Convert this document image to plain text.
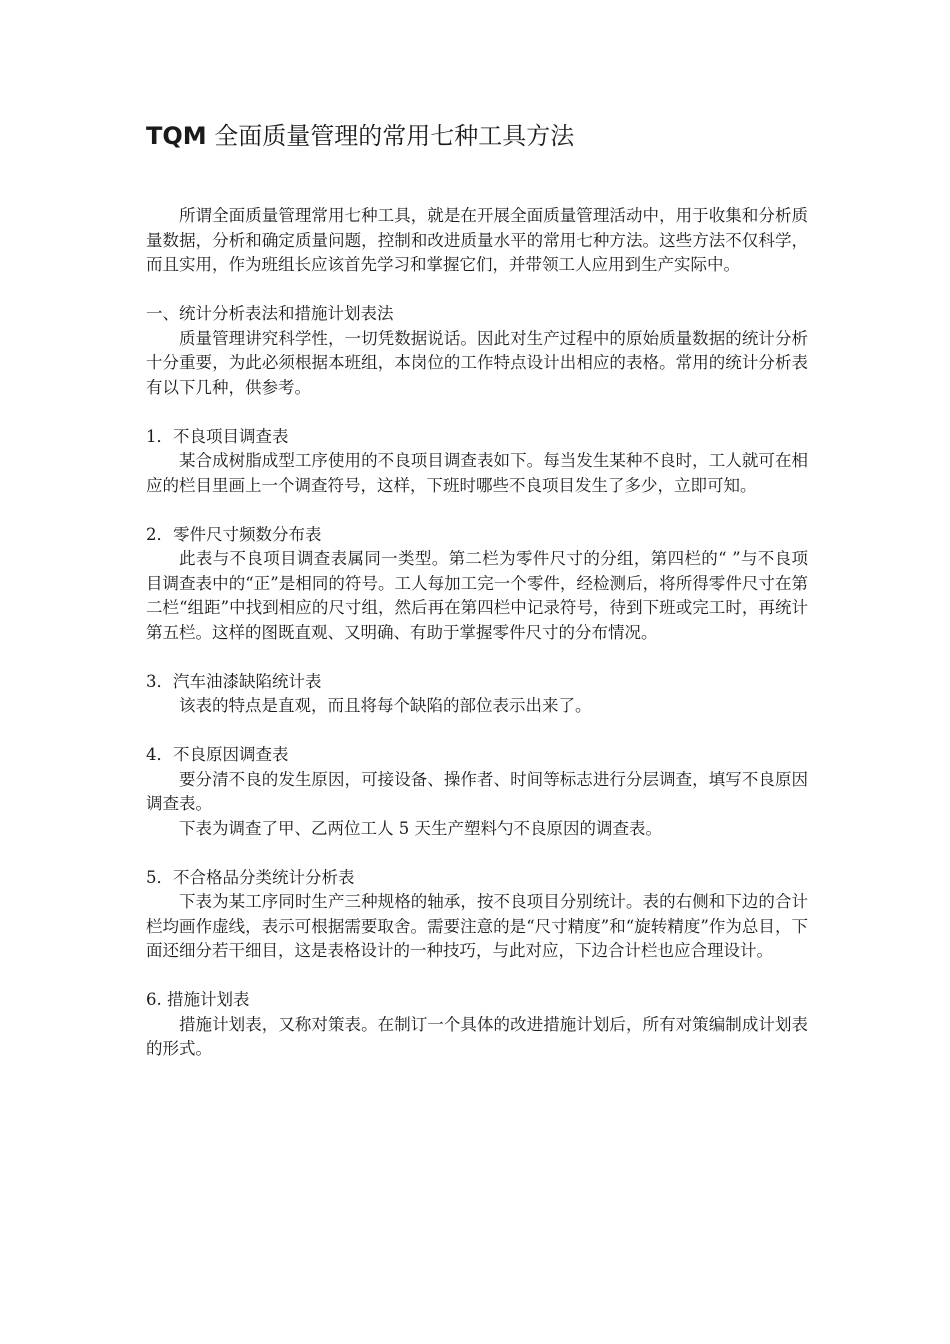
TQM 全面质量管理的常用七种工具方法

所谓全面质量管理常用七种工具，就是在开展全面质量管理活动中，用于收集和分析质量数据，分析和确定质量问题，控制和改进质量水平的常用七种方法。这些方法不仅科学，而且实用，作为班组长应该首先学习和掌握它们，并带领工人应用到生产实际中。

一、统计分析表法和措施计划表法

质量管理讲究科学性，一切凭数据说话。因此对生产过程中的原始质量数据的统计分析十分重要，为此必须根据本班组，本岗位的工作特点设计出相应的表格。常用的统计分析表有以下几种，供参考。

1．不良项目调查表

某合成树脂成型工序使用的不良项目调查表如下。每当发生某种不良时，工人就可在相应的栏目里画上一个调查符号，这样，下班时哪些不良项目发生了多少，立即可知。

2．零件尺寸频数分布表

此表与不良项目调查表属同一类型。第二栏为零件尺寸的分组，第四栏的“ ”与不良项目调查表中的“正”是相同的符号。工人每加工完一个零件，经检测后，将所得零件尺寸在第二栏“组距”中找到相应的尺寸组，然后再在第四栏中记录符号，待到下班或完工时，再统计第五栏。这样的图既直观、又明确、有助于掌握零件尺寸的分布情况。

3．汽车油漆缺陷统计表

该表的特点是直观，而且将每个缺陷的部位表示出来了。

4．不良原因调查表

要分清不良的发生原因，可接设备、操作者、时间等标志进行分层调查，填写不良原因调查表。

下表为调查了甲、乙两位工人 5 天生产塑料勺不良原因的调查表。

5．不合格品分类统计分析表

下表为某工序同时生产三种规格的轴承，按不良项目分别统计。表的右侧和下边的合计栏均画作虚线，表示可根据需要取舍。需要注意的是“尺寸精度”和“旋转精度”作为总目，下面还细分若干细目，这是表格设计的一种技巧，与此对应，下边合计栏也应合理设计。

6. 措施计划表

措施计划表，又称对策表。在制订一个具体的改进措施计划后，所有对策编制成计划表的形式。
